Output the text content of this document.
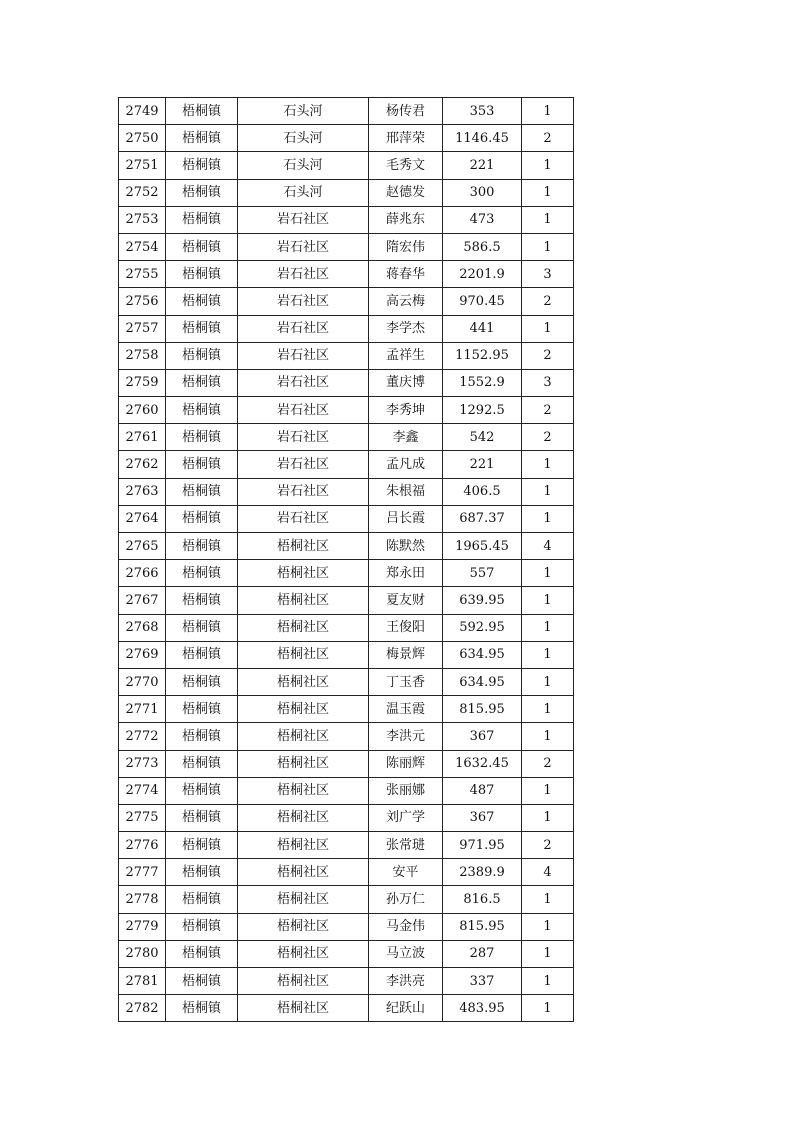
2749	梧桐镇	石头河	杨传君	353	1
2750	梧桐镇	石头河	邢萍荣	1146.45	2
2751	梧桐镇	石头河	毛秀文	221	1
2752	梧桐镇	石头河	赵德发	300	1
2753	梧桐镇	岩石社区	薛兆东	473	1
2754	梧桐镇	岩石社区	隋宏伟	586.5	1
2755	梧桐镇	岩石社区	蒋春华	2201.9	3
2756	梧桐镇	岩石社区	高云梅	970.45	2
2757	梧桐镇	岩石社区	李学杰	441	1
2758	梧桐镇	岩石社区	孟祥生	1152.95	2
2759	梧桐镇	岩石社区	董庆博	1552.9	3
2760	梧桐镇	岩石社区	李秀坤	1292.5	2
2761	梧桐镇	岩石社区	李鑫	542	2
2762	梧桐镇	岩石社区	孟凡成	221	1
2763	梧桐镇	岩石社区	朱根福	406.5	1
2764	梧桐镇	岩石社区	吕长霞	687.37	1
2765	梧桐镇	梧桐社区	陈默然	1965.45	4
2766	梧桐镇	梧桐社区	郑永田	557	1
2767	梧桐镇	梧桐社区	夏友财	639.95	1
2768	梧桐镇	梧桐社区	王俊阳	592.95	1
2769	梧桐镇	梧桐社区	梅景辉	634.95	1
2770	梧桐镇	梧桐社区	丁玉香	634.95	1
2771	梧桐镇	梧桐社区	温玉霞	815.95	1
2772	梧桐镇	梧桐社区	李洪元	367	1
2773	梧桐镇	梧桐社区	陈丽辉	1632.45	2
2774	梧桐镇	梧桐社区	张丽娜	487	1
2775	梧桐镇	梧桐社区	刘广学	367	1
2776	梧桐镇	梧桐社区	张常琎	971.95	2
2777	梧桐镇	梧桐社区	安平	2389.9	4
2778	梧桐镇	梧桐社区	孙万仁	816.5	1
2779	梧桐镇	梧桐社区	马金伟	815.95	1
2780	梧桐镇	梧桐社区	马立波	287	1
2781	梧桐镇	梧桐社区	李洪亮	337	1
2782	梧桐镇	梧桐社区	纪跃山	483.95	1
